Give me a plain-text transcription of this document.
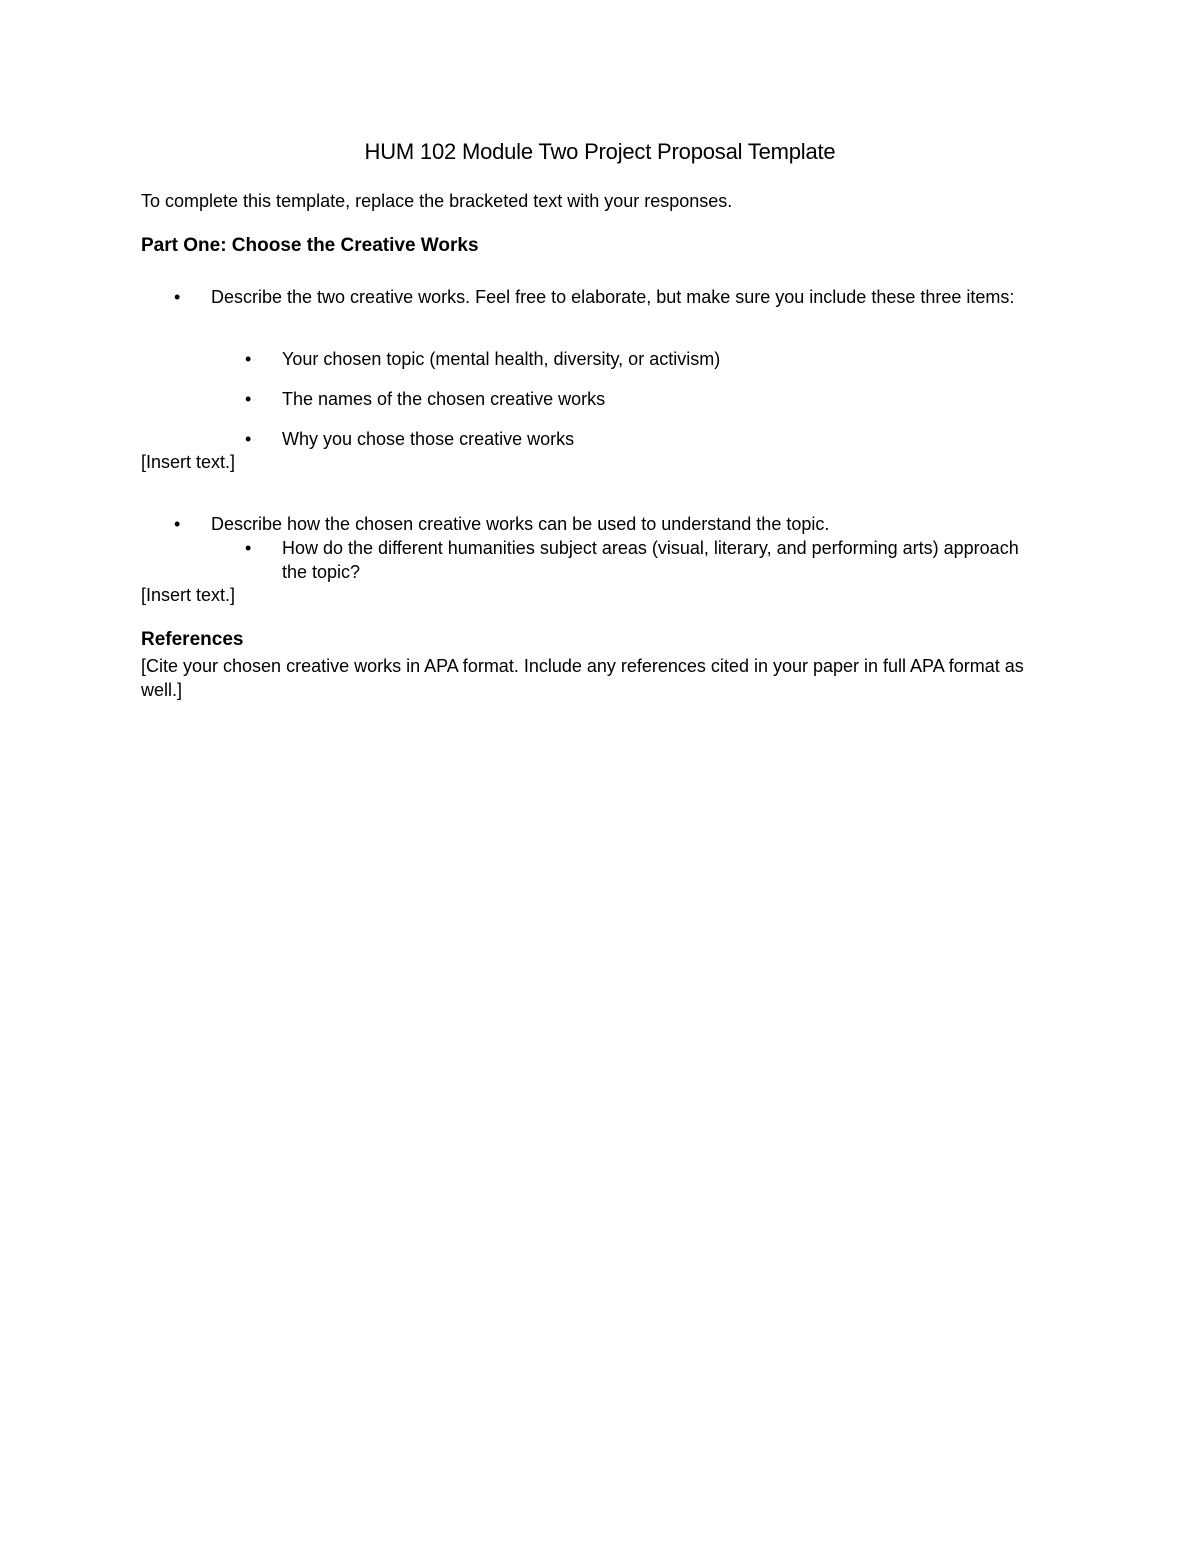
HUM 102 Module Two Project Proposal Template

To complete this template, replace the bracketed text with your responses.

Part One: Choose the Creative Works

• Describe the two creative works. Feel free to elaborate, but make sure you include these three items:
• Your chosen topic (mental health, diversity, or activism)
• The names of the chosen creative works
• Why you chose those creative works

[Insert text.]

• Describe how the chosen creative works can be used to understand the topic.
• How do the different humanities subject areas (visual, literary, and performing arts) approach the topic?

[Insert text.]

References

[Cite your chosen creative works in APA format. Include any references cited in your paper in full APA format as well.]
